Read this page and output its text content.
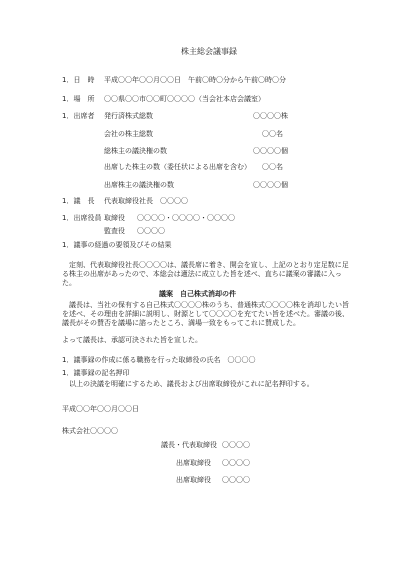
株主総会議事録
1．日　時 平成〇〇年〇〇月〇〇日　午前〇時〇分から午前〇時〇分
1．場　所 〇〇県〇〇市〇〇町〇〇〇〇（当会社本店会議室）
1．出席者 発行済株式総数	〇〇〇〇株
会社の株主総数	〇〇名
総株主の議決権の数	〇〇〇〇個
出席した株主の数（委任状による出席を含む） 〇〇名
出席株主の議決権の数	〇〇〇〇個
1．議　長 代表取締役社長　〇〇〇〇
1．出席役員 取締役 〇〇〇〇・〇〇〇〇・〇〇〇〇
監査役 〇〇〇〇
1．議事の経過の要領及びその結果
定刻、代表取締役社長〇〇〇〇は、議長席に着き、開会を宣し、上記のとおり定足数に足る株主の出席があったので、本総会は適法に成立した旨を述べ、直ちに議案の審議に入った。
議案　自己株式消却の件
議長は、当社の保有する自己株式〇〇〇〇株のうち、普通株式〇〇〇〇株を消却したい旨を述べ、その理由を詳細に説明し、財源として〇〇〇〇を充てたい旨を述べた。審議の後、議長がその賛否を議場に諮ったところ、満場一致をもってこれに賛成した。
よって議長は、承認可決された旨を宣した。
1．議事録の作成に係る職務を行った取締役の氏名　〇〇〇〇
1．議事録の記名押印
以上の決議を明確にするため、議長および出席取締役がこれに記名押印する。
平成〇〇年〇〇月〇〇日
株式会社〇〇〇〇
議長・代表取締役 〇〇〇〇
出席取締役 〇〇〇〇
出席取締役 〇〇〇〇
